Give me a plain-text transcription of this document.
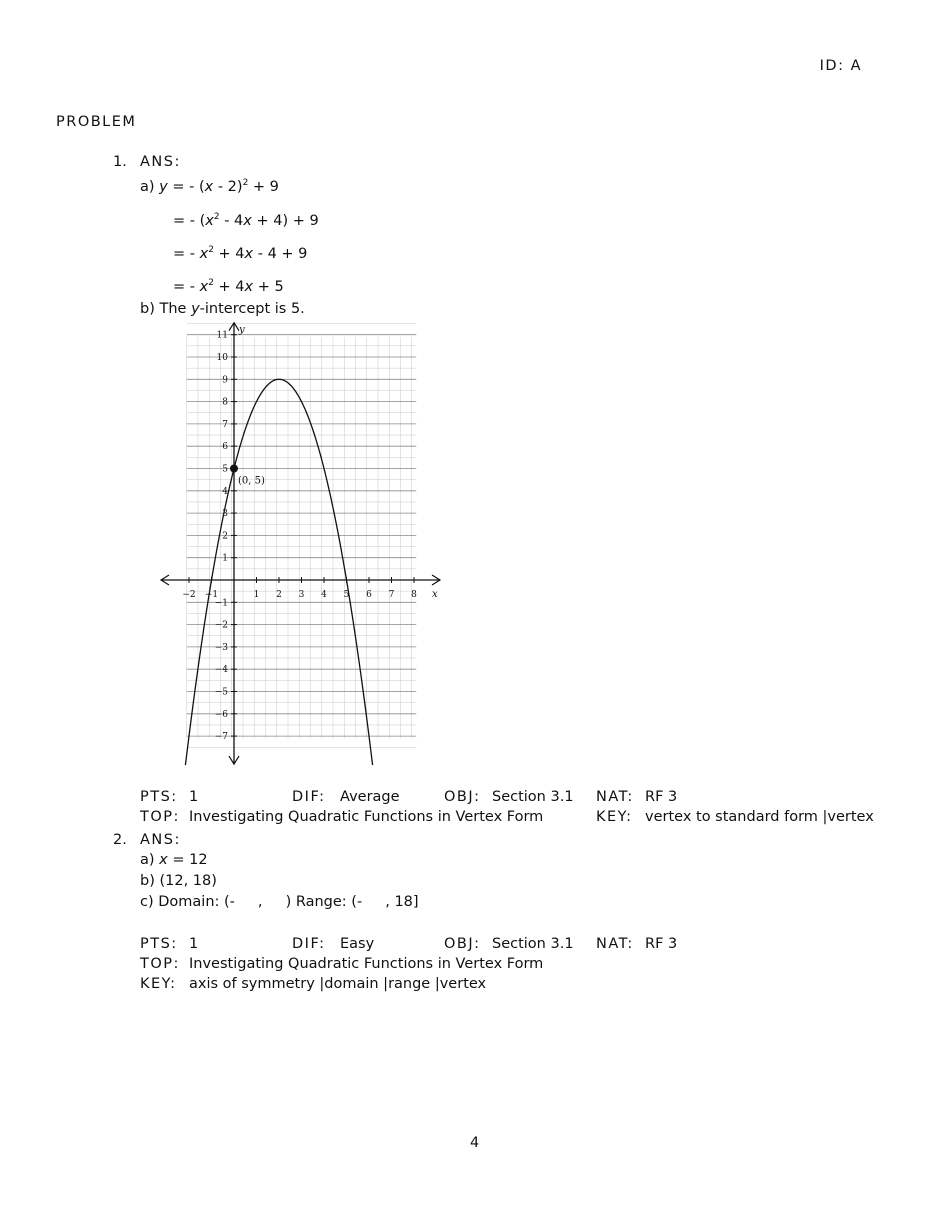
ID: A
PROBLEM
1. ANS:
a) y = - (x - 2)$^2$ + 9
= - $(x^2 - 4x + 4) + 9$
= - $x^2 + 4x - 4 + 9$
= - $x^2 + 4x + 5$
b) The y-intercept is 5.
−2 −1	1 2 3 4 5 6 7 8
−7
−6
−5
−4
−3
−2
−1
1
2
3
4
5
6
7
8
9
10
11
(0, 5)
x
y
PTS: 1	DIF: Average	OBJ: Section 3.1 NAT: RF 3
TOP: Investigating Quadratic Functions in Vertex Form	KEY: vertex to standard form |vertex
2. ANS:
a) x = 12
b) (12, 18)
c) Domain: (-     ,     ) Range: (-     , 18]
PTS: 1	DIF: Easy	OBJ: Section 3.1 NAT: RF 3
TOP: Investigating Quadratic Functions in Vertex Form
KEY: axis of symmetry |domain |range |vertex
4
